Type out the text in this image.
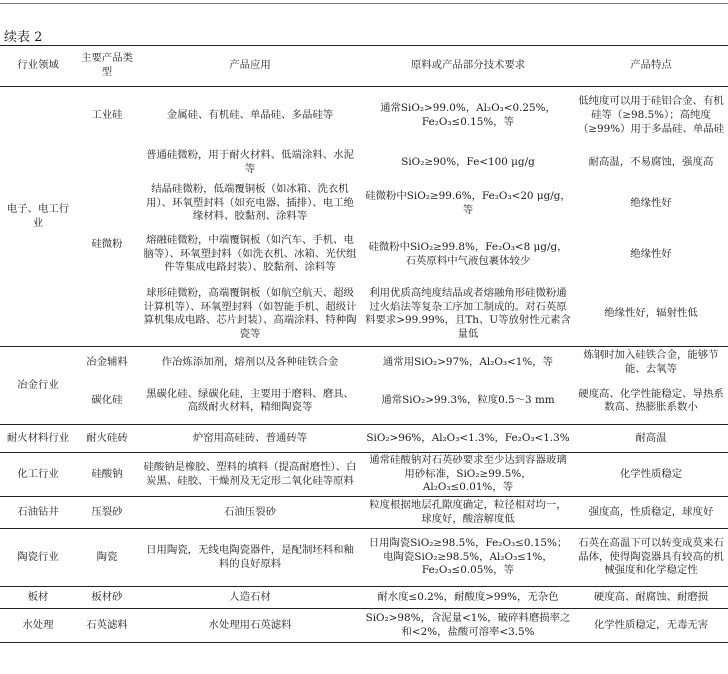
续表 2
行业领域	主要产品类型	产品应用	原料或产品部分技术要求	产品特点
电子、电工行业	工业硅	金属硅、有机硅、单晶硅、多晶硅等	通常SiO₂>99.0%，Al₂O₃<0.25%，Fe₂O₃≤0.15%，等	低纯度可以用于硅铝合金、有机硅等（≥98.5%）；高纯度（≥99%）用于多晶硅、单晶硅
	硅微粉	普通硅微粉，用于耐火材料、低端涂料、水泥等	SiO₂≥90%，Fe<100 μg/g	耐高温，不易腐蚀，强度高
		结晶硅微粉，低端覆铜板（如冰箱、洗衣机用）、环氧塑封料（如充电器、插排）、电工绝缘材料、胶黏剂、涂料等	硅微粉中SiO₂≥99.6%，Fe₂O₃<20 μg/g，等	绝缘性好
		熔融硅微粉，中端覆铜板（如汽车、手机、电脑等）、环氧塑封料（如洗衣机、冰箱、光伏组件等集成电路封装）、胶黏剂、涂料等	硅微粉中SiO₂≥99.8%，Fe₂O₃<8 μg/g，石英原料中气液包裹体较少	绝缘性好
		球形硅微粉，高端覆铜板（如航空航天、超级计算机等）、环氧塑封料（如智能手机、超级计算机集成电路、芯片封装）、高端涂料、特种陶瓷等	利用优质高纯度结晶或者熔融角形硅微粉通过火焰法等复杂工序加工制成的。对石英原料要求>99.99%，且Th、U等放射性元素含量低	绝缘性好，辐射性低
冶金行业	冶金辅料	作冶炼添加剂，熔剂以及各种硅铁合金	通常用SiO₂>97%，Al₂O₃<1%，等	炼钢时加入硅铁合金，能够节能、去氧等
	碳化硅	黑碳化硅、绿碳化硅，主要用于磨料、磨具、高级耐火材料，精细陶瓷等	通常SiO₂>99.3%，粒度0.5～3 mm	硬度高、化学性能稳定、导热系数高、热膨胀系数小
耐火材料行业	耐火硅砖	炉窑用高硅砖、普通砖等	SiO₂>96%，Al₂O₃<1.3%，Fe₂O₃<1.3%	耐高温
化工行业	硅酸钠	硅酸钠是橡胶、塑料的填料（提高耐磨性）、白炭黑、硅胶、干燥剂及无定形二氧化硅等原料	通常硅酸钠对石英砂要求至少达到容器玻璃用砂标准，SiO₂≥99.5%，Al₂O₃≤0.01%，等	化学性质稳定
石油钻井	压裂砂	石油压裂砂	粒度根据地层孔隙度确定，粒径相对均一，球度好，酸溶解度低	强度高，性质稳定，球度好
陶瓷行业	陶瓷	日用陶瓷，无线电陶瓷器件，是配制坯料和釉料的良好原料	日用陶瓷SiO₂≥98.5%，Fe₂O₃≤0.15%；电陶瓷SiO₂≥98.5%，Al₂O₃≤1%，Fe₂O₃≤0.05%，等	石英在高温下可以转变成莫来石晶体，使得陶瓷器具有较高的机械强度和化学稳定性
板材	板材砂	人造石材	耐水度≤0.2%，耐酸度>99%，无杂色	硬度高、耐腐蚀、耐磨损
水处理	石英滤料	水处理用石英滤料	SiO₂>98%，含泥量<1%，破碎料磨损率之和<2%，盐酸可溶率<3.5%	化学性质稳定，无毒无害
